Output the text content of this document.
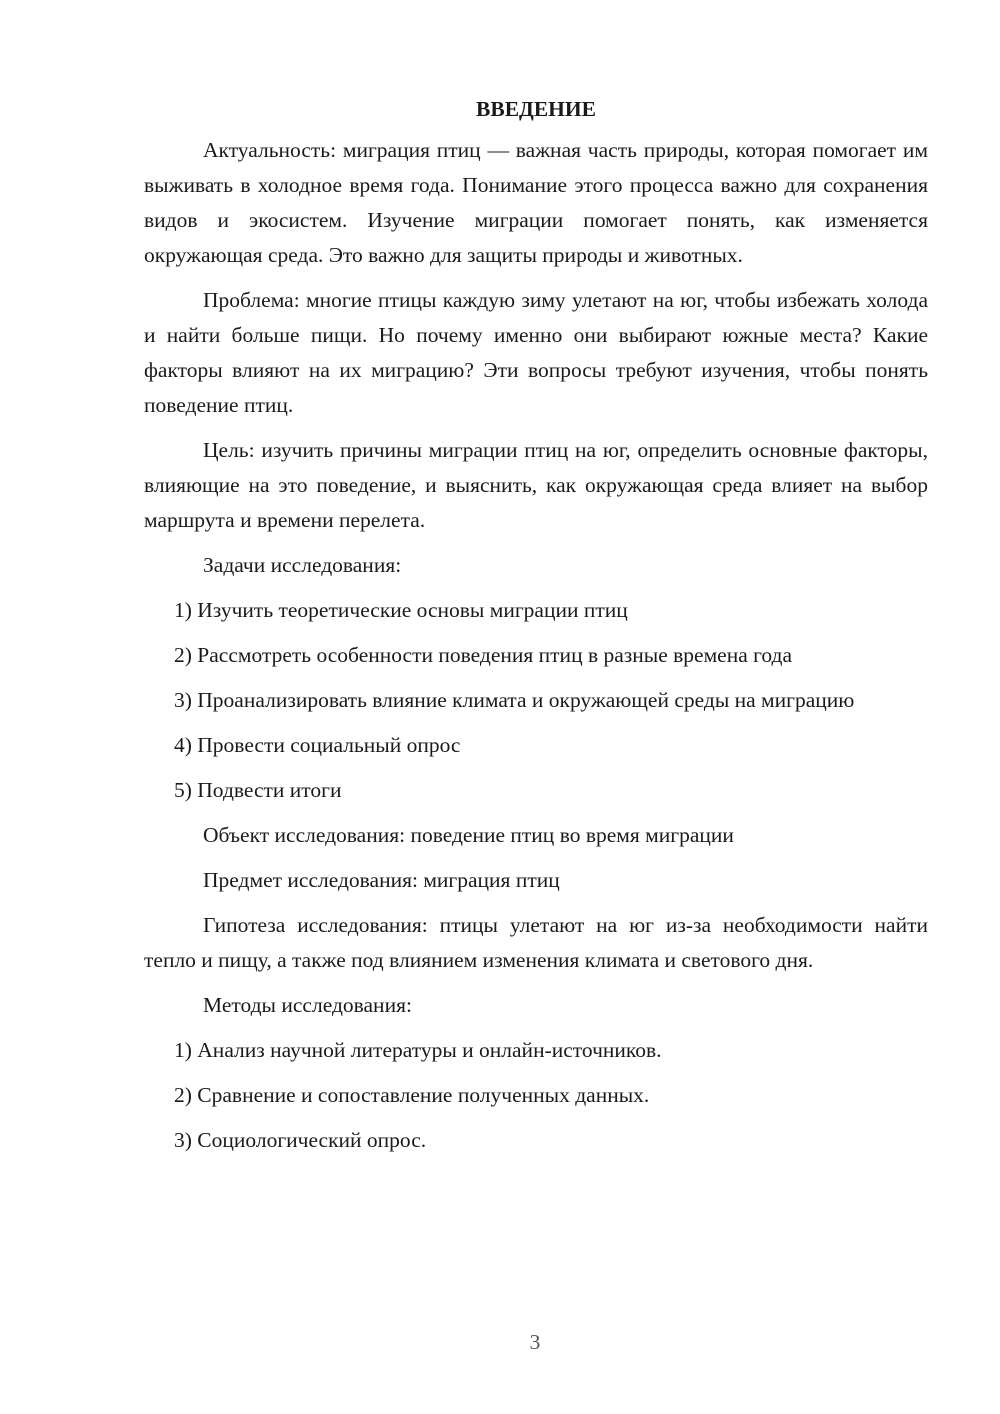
ВВЕДЕНИЕ

Актуальность: миграция птиц — важная часть природы, которая помогает им выживать в холодное время года. Понимание этого процесса важно для сохранения видов и экосистем. Изучение миграции помогает понять, как изменяется окружающая среда. Это важно для защиты природы и животных.

Проблема: многие птицы каждую зиму улетают на юг, чтобы избежать холода и найти больше пищи. Но почему именно они выбирают южные места? Какие факторы влияют на их миграцию? Эти вопросы требуют изучения, чтобы понять поведение птиц.

Цель: изучить причины миграции птиц на юг, определить основные факторы, влияющие на это поведение, и выяснить, как окружающая среда влияет на выбор маршрута и времени перелета.

Задачи исследования:

1) Изучить теоретические основы миграции птиц

2) Рассмотреть особенности поведения птиц в разные времена года

3) Проанализировать влияние климата и окружающей среды на миграцию

4) Провести социальный опрос

5) Подвести итоги

Объект исследования: поведение птиц во время миграции

Предмет исследования: миграция птиц

Гипотеза исследования: птицы улетают на юг из-за необходимости найти тепло и пищу, а также под влиянием изменения климата и светового дня.

Методы исследования:

1) Анализ научной литературы и онлайн-источников.

2) Сравнение и сопоставление полученных данных.

3) Социологический опрос.

3
